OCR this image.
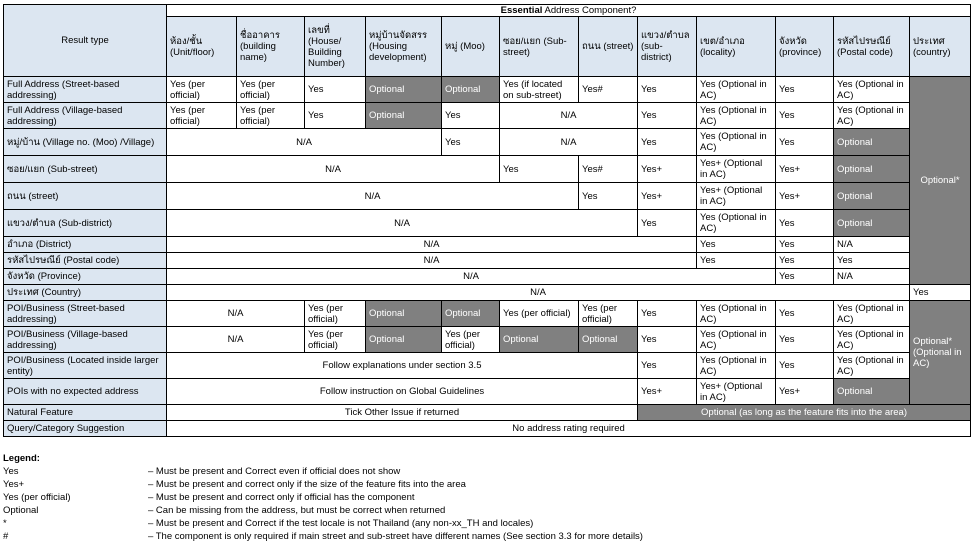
Result type	Essential Address Component?											
	ห้อง/ชั้น (Unit/floor)	ชื่ออาคาร (building name)	เลขที่ (House/ Building Number)	หมู่บ้านจัดสรร (Housing development)	หมู่ (Moo)	ซอย/แยก (Sub-street)	ถนน (street)	แขวง/ตำบล (sub-district)	เขต/อำเภอ (locality)	จังหวัด (province)	รหัสไปรษณีย์ (Postal code)	ประเทศ (country)
Full Address (Street-based addressing)	Yes (per official)	Yes (per official)	Yes	Optional	Optional	Yes (if located on sub-street)	Yes#	Yes	Yes (Optional in AC)	Yes	Yes (Optional in AC)	Optional*
Full Address (Village-based addressing)	Yes (per official)	Yes (per official)	Yes	Optional	Yes	N/A		Yes	Yes (Optional in AC)	Yes	Yes (Optional in AC)	
หมู่/บ้าน (Village no. (Moo) /Village)	N/A				Yes	N/A		Yes	Yes (Optional in AC)	Yes	Optional	
ซอย/แยก (Sub-street)	N/A					Yes	Yes#	Yes+	Yes+ (Optional in AC)	Yes+	Optional	
ถนน (street)	N/A						Yes	Yes+	Yes+ (Optional in AC)	Yes+	Optional	
แขวง/ตำบล (Sub-district)	N/A							Yes	Yes (Optional in AC)	Yes	Optional	
อำเภอ (District)	N/A								Yes	Yes	N/A	
รหัสไปรษณีย์ (Postal code)	N/A								Yes	Yes	Yes	
จังหวัด (Province)	N/A									Yes	N/A	
ประเทศ (Country)	N/A											Yes
POI/Business (Street-based addressing)	N/A		Yes (per official)	Optional	Optional	Yes (per official)	Yes (per official)	Yes	Yes (Optional in AC)	Yes	Yes (Optional in AC)	Optional* (Optional in AC)
POI/Business (Village-based addressing)	N/A		Yes (per official)	Optional	Yes (per official)	Optional	Optional	Yes	Yes (Optional in AC)	Yes	Yes (Optional in AC)	
POI/Business (Located inside larger entity)	Follow explanations under section 3.5							Yes	Yes (Optional in AC)	Yes	Yes (Optional in AC)	
POIs with no expected address	Follow instruction on Global Guidelines							Yes+	Yes+ (Optional in AC)	Yes+	Optional	
Natural Feature	Tick Other Issue if returned							Optional (as long as the feature fits into the area)				
Query/Category Suggestion	No address rating required											
Legend:
Yes	– Must be present and Correct even if official does not show
Yes+	– Must be present and correct only if the size of the feature fits into the area
Yes (per official)	– Must be present and correct only if official has the component
Optional	– Can be missing from the address, but must be correct when returned
*	– Must be present and Correct if the test locale is not Thailand (any non-xx_TH and locales)
#	– The component is only required if main street and sub-street have different names (See section 3.3 for more details)
